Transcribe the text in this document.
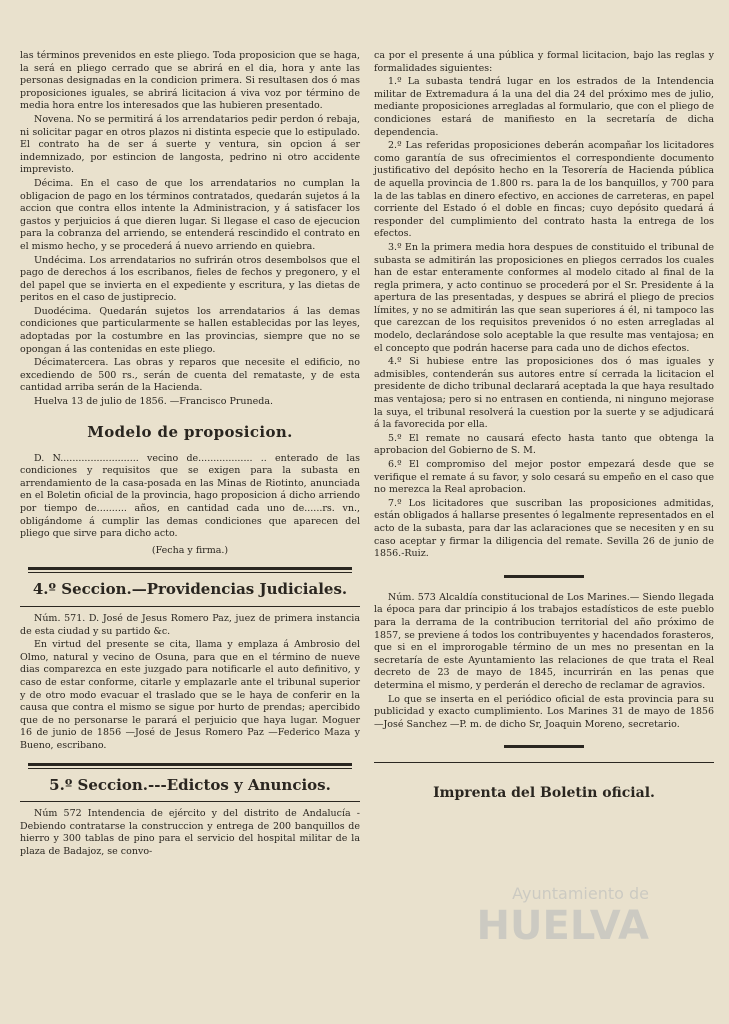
las términos prevenidos en este pliego. Toda proposicion que se haga, la será en pliego cerrado que se abrirá en el dia, hora y ante las personas designadas en la condicion primera. Si resultasen dos ó mas proposiciones iguales, se abrirá licitacion á viva voz por término de media hora entre los interesados que las hubieren presentado.

Novena. No se permitirá á los arrendatarios pedir perdon ó rebaja, ni solicitar pagar en otros plazos ni distinta especie que lo estipulado. El contrato ha de ser á suerte y ventura, sin opcion á ser indemnizado, por estincion de langosta, pedrino ni otro accidente imprevisto.

Décima. En el caso de que los arrendatarios no cumplan la obligacion de pago en los términos contratados, quedarán sujetos á la accion que contra ellos intente la Administracion, y á satisfacer los gastos y perjuicios á que dieren lugar. Si llegase el caso de ejecucion para la cobranza del arriendo, se entenderá rescindido el contrato en el mismo hecho, y se procederá á nuevo arriendo en quiebra.

Undécima. Los arrendatarios no sufrirán otros desembolsos que el pago de derechos á los escribanos, fieles de fechos y pregonero, y el del papel que se invierta en el expediente y escritura, y las dietas de peritos en el caso de justiprecio.

Duodécima. Quedarán sujetos los arrendatarios á las demas condiciones que particularmente se hallen establecidas por las leyes, adoptadas por la costumbre en las provincias, siempre que no se opongan á las contenidas en este pliego.

Décimatercera. Las obras y reparos que necesite el edificio, no excediendo de 500 rs., serán de cuenta del remataste, y de esta cantidad arriba serán de la Hacienda.

Huelva 13 de julio de 1856. —Francisco Pruneda.

Modelo de proposicion.

D. N.......................... vecino de.................. .. enterado de las condiciones y requisitos que se exigen para la subasta en arrendamiento de la casa-posada en las Minas de Riotinto, anunciada en el Boletin oficial de la provincia, hago proposicion á dicho arriendo por tiempo de.......... años, en cantidad cada uno de......rs. vn., obligándome á cumplir las demas condiciones que aparecen del pliego que sirve para dicho acto.

(Fecha y firma.)
4.º Seccion.—Providencias Judiciales.

Núm. 571. D. José de Jesus Romero Paz, juez de primera instancia de esta ciudad y su partido &c.

En virtud del presente se cita, llama y emplaza á Ambrosio del Olmo, natural y vecino de Osuna, para que en el término de nueve dias comparezca en este juzgado para notificarle el auto definitivo, y caso de estar conforme, citarle y emplazarle ante el tribunal superior y de otro modo evacuar el traslado que se le haya de conferir en la causa que contra el mismo se sigue por hurto de prendas; apercibido que de no personarse le parará el perjuicio que haya lugar. Moguer 16 de junio de 1856 —José de Jesus Romero Paz —Federico Maza y Bueno, escribano.

5.º Seccion.---Edictos y Anuncios.

Núm 572 Intendencia de ejército y del distrito de Andalucía - Debiendo contratarse la construccion y entrega de 200 banquillos de hierro y 300 tablas de pino para el servicio del hospital militar de la plaza de Badajoz, se convo-

ca por el presente á una pública y formal licitacion, bajo las reglas y formalidades siguientes:

1.º La subasta tendrá lugar en los estrados de la Intendencia militar de Extremadura á la una del dia 24 del próximo mes de julio, mediante proposiciones arregladas al formulario, que con el pliego de condiciones estará de manifiesto en la secretaría de dicha dependencia.

2.º Las referidas proposiciones deberán acompañar los licitadores como garantía de sus ofrecimientos el correspondiente documento justificativo del depósito hecho en la Tesorería de Hacienda pública de aquella provincia de 1.800 rs. para la de los banquillos, y 700 para la de las tablas en dinero efectivo, en acciones de carreteras, en papel corriente del Estado ó el doble en fincas; cuyo depósito quedará á responder del cumplimiento del contrato hasta la entrega de los efectos.

3.º En la primera media hora despues de constituido el tribunal de subasta se admitirán las proposiciones en pliegos cerrados los cuales han de estar enteramente conformes al modelo citado al final de la regla primera, y acto continuo se procederá por el Sr. Presidente á la apertura de las presentadas, y despues se abrirá el pliego de precios límites, y no se admitirán las que sean superiores á él, ni tampoco las que carezcan de los requisitos prevenidos ó no esten arregladas al modelo, declarándose solo aceptable la que resulte mas ventajosa; en el concepto que podrán hacerse para cada uno de dichos efectos.

4.º Si hubiese entre las proposiciones dos ó mas iguales y admisibles, contenderán sus autores entre sí cerrada la licitacion el presidente de dicho tribunal declarará aceptada la que haya resultado mas ventajosa; pero si no entrasen en contienda, ni ninguno mejorase la suya, el tribunal resolverá la cuestion por la suerte y se adjudicará á la favorecida por ella.

5.º El remate no causará efecto hasta tanto que obtenga la aprobacion del Gobierno de S. M.

6.º El compromiso del mejor postor empezará desde que se verifique el remate á su favor, y solo cesará su empeño en el caso que no merezca la Real aprobacion.

7.º Los licitadores que suscriban las proposiciones admitidas, están obligados á hallarse presentes ó legalmente representados en el acto de la subasta, para dar las aclaraciones que se necesiten y en su caso aceptar y firmar la diligencia del remate. Sevilla 26 de junio de 1856.-Ruiz.

Núm. 573 Alcaldía constitucional de Los Marines.— Siendo llegada la época para dar principio á los trabajos estadísticos de este pueblo para la derrama de la contribucion territorial del año próximo de 1857, se previene á todos los contribuyentes y hacendados forasteros, que si en el improrogable término de un mes no presentan en la secretaría de este Ayuntamiento las relaciones de que trata el Real decreto de 23 de mayo de 1845, incurrirán en las penas que determina el mismo, y perderán el derecho de reclamar de agravios.

Lo que se inserta en el periódico oficial de esta provincia para su publicidad y exacto cumplimiento. Los Marines 31 de mayo de 1856 —José Sanchez —P. m. de dicho Sr, Joaquin Moreno, secretario.

Imprenta del Boletin oficial.
Ayuntamiento de
HUELVA
